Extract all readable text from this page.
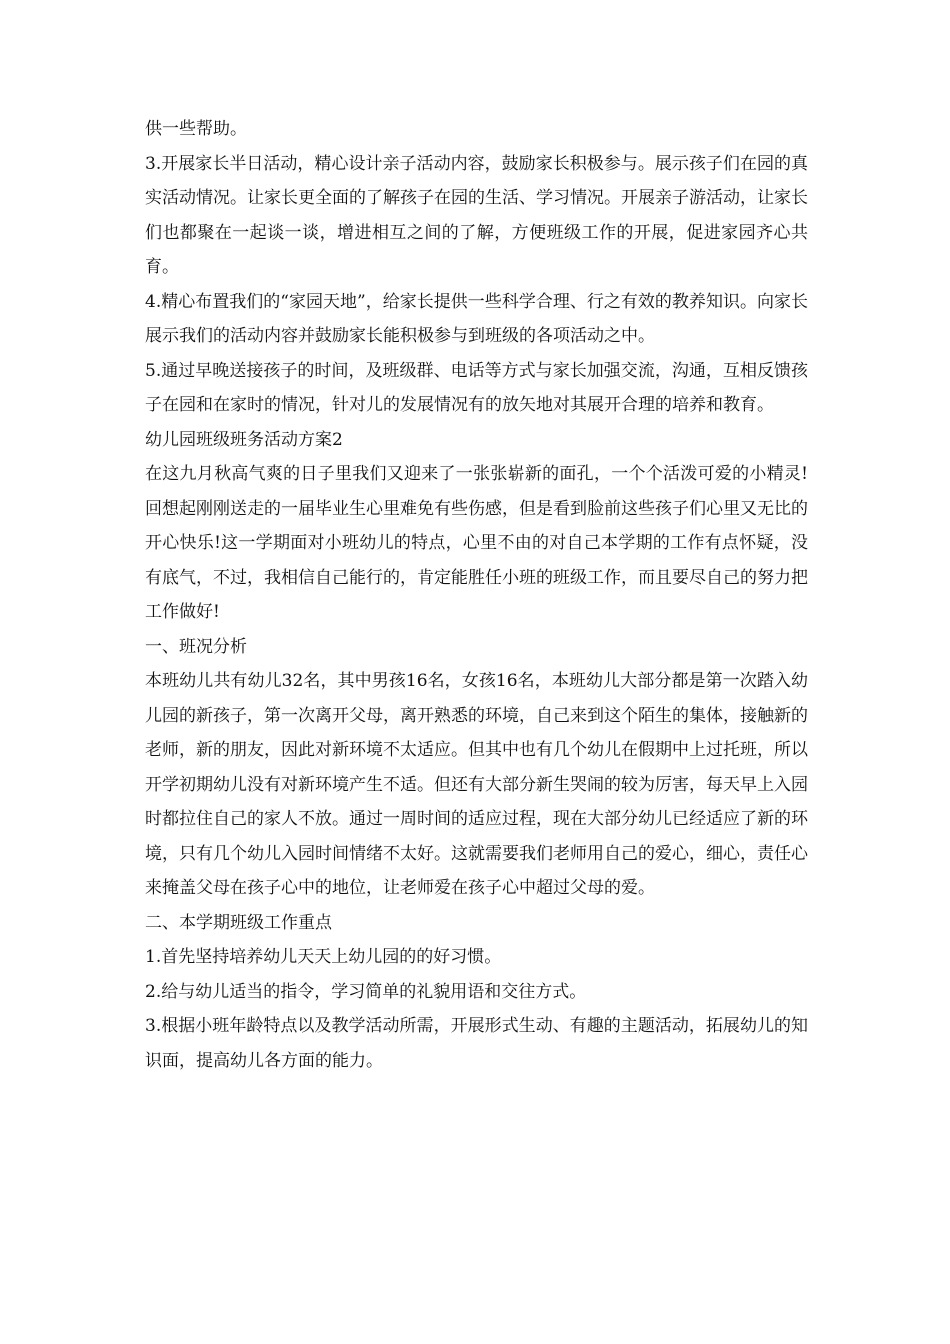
供一些帮助。

3.开展家长半日活动，精心设计亲子活动内容，鼓励家长积极参与。展示孩子们在园的真实活动情况。让家长更全面的了解孩子在园的生活、学习情况。开展亲子游活动，让家长们也都聚在一起谈一谈，增进相互之间的了解，方便班级工作的开展，促进家园齐心共育。

4.精心布置我们的“家园天地”，给家长提供一些科学合理、行之有效的教养知识。向家长展示我们的活动内容并鼓励家长能积极参与到班级的各项活动之中。

5.通过早晚送接孩子的时间，及班级群、电话等方式与家长加强交流，沟通，互相反馈孩子在园和在家时的情况，针对儿的发展情况有的放矢地对其展开合理的培养和教育。

幼儿园班级班务活动方案2

在这九月秋高气爽的日子里我们又迎来了一张张崭新的面孔，一个个活泼可爱的小精灵!回想起刚刚送走的一届毕业生心里难免有些伤感，但是看到脸前这些孩子们心里又无比的开心快乐!这一学期面对小班幼儿的特点，心里不由的对自己本学期的工作有点怀疑，没有底气，不过，我相信自己能行的，肯定能胜任小班的班级工作，而且要尽自己的努力把工作做好!

一、班况分析

本班幼儿共有幼儿32名，其中男孩16名，女孩16名，本班幼儿大部分都是第一次踏入幼儿园的新孩子，第一次离开父母，离开熟悉的环境，自己来到这个陌生的集体，接触新的老师，新的朋友，因此对新环境不太适应。但其中也有几个幼儿在假期中上过托班，所以开学初期幼儿没有对新环境产生不适。但还有大部分新生哭闹的较为厉害，每天早上入园时都拉住自己的家人不放。通过一周时间的适应过程，现在大部分幼儿已经适应了新的环境，只有几个幼儿入园时间情绪不太好。这就需要我们老师用自己的爱心，细心，责任心来掩盖父母在孩子心中的地位，让老师爱在孩子心中超过父母的爱。

二、本学期班级工作重点

1.首先坚持培养幼儿天天上幼儿园的的好习惯。

2.给与幼儿适当的指令，学习简单的礼貌用语和交往方式。

3.根据小班年龄特点以及教学活动所需，开展形式生动、有趣的主题活动，拓展幼儿的知识面，提高幼儿各方面的能力。
